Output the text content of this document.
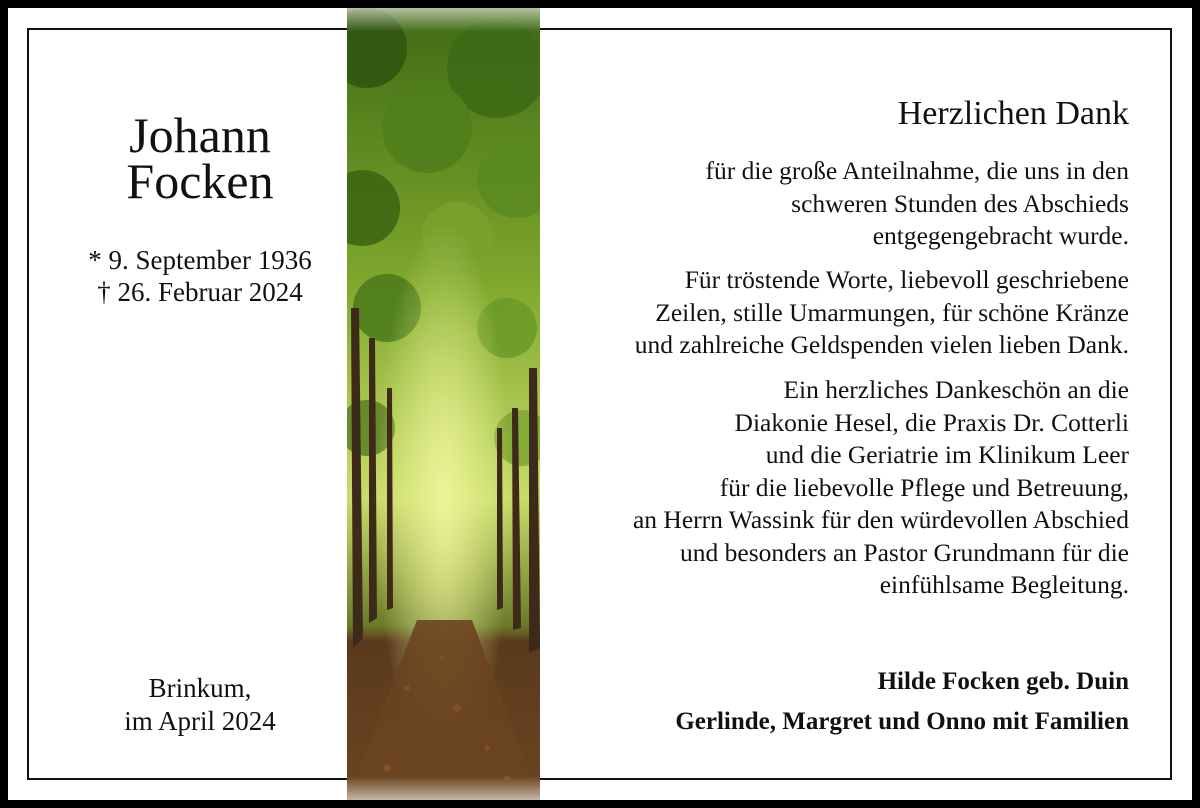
Johann
Focken
* 9. September 1936
† 26. Februar 2024
Brinkum,
im April 2024
Herzlichen Dank
für die große Anteilnahme, die uns in den
schweren Stunden des Abschieds
entgegengebracht wurde.
Für tröstende Worte, liebevoll geschriebene
Zeilen, stille Umarmungen, für schöne Kränze
und zahlreiche Geldspenden vielen lieben Dank.
Ein herzliches Dankeschön an die
Diakonie Hesel, die Praxis Dr. Cotterli
und die Geriatrie im Klinikum Leer
für die liebevolle Pflege und Betreuung,
an Herrn Wassink für den würdevollen Abschied
und besonders an Pastor Grundmann für die
einfühlsame Begleitung.
Hilde Focken geb. Duin
Gerlinde, Margret und Onno mit Familien
